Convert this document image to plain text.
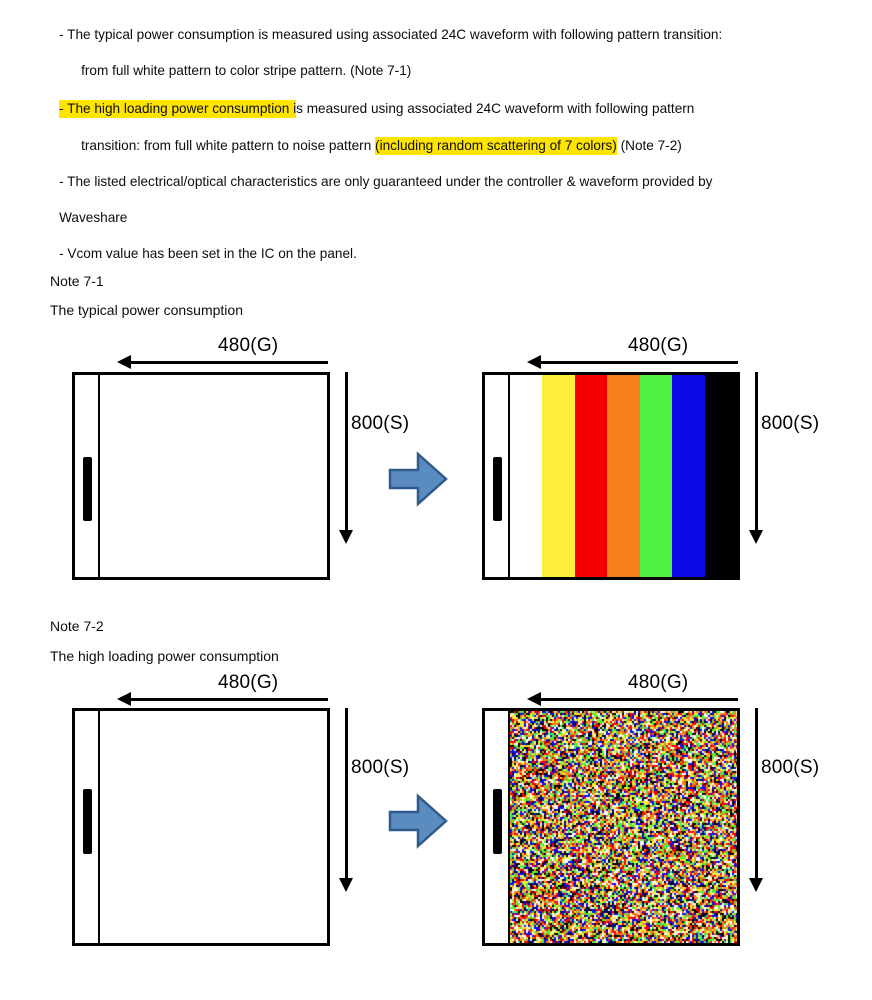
- The typical power consumption is measured using associated 24C waveform with following pattern transition:

from full white pattern to color stripe pattern. (Note 7-1)

- The high loading power consumption is measured using associated 24C waveform with following pattern

transition: from full white pattern to noise pattern (including random scattering of 7 colors) (Note 7-2)

- The listed electrical/optical characteristics are only guaranteed under the controller & waveform provided by

Waveshare

- Vcom value has been set in the IC on the panel.

Note 7-1
The typical power consumption
480(G)
800(S)
480(G)
800(S)
Note 7-2
The high loading power consumption
480(G)
800(S)
480(G)
800(S)
